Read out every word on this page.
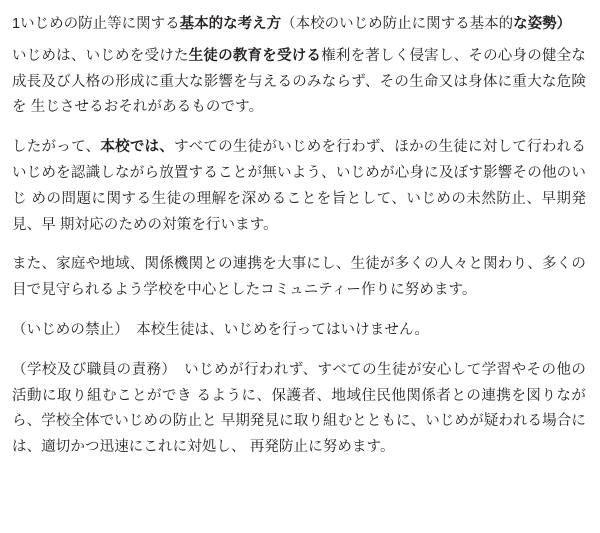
1いじめの防止等に関する基本的な考え方（本校のいじめ防止に関する基本的な姿勢）

いじめは、いじめを受けた生徒の教育を受ける権利を著しく侵害し、その心身の健全な 成長及び人格の形成に重大な影響を与えるのみならず、その生命又は身体に重大な危険を 生じさせるおそれがあるものです。

したがって、本校では、すべての生徒がいじめを行わず、ほかの生徒に対して行われる いじめを認識しながら放置することが無いよう、いじめが心身に及ぼす影響その他のいじ めの問題に関する生徒の理解を深めることを旨として、いじめの未然防止、早期発見、早 期対応のための対策を行います。

また、家庭や地域、関係機関との連携を大事にし、生徒が多くの人々と関わり、多くの 目で見守られるよう学校を中心としたコミュニティー作りに努めます。

（いじめの禁止）　本校生徒は、いじめを行ってはいけません。

（学校及び職員の責務）　いじめが行われず、すべての生徒が安心して学習やその他の活動に取り組むことができ るように、保護者、地域住民他関係者との連携を図りながら、学校全体でいじめの防止と 早期発見に取り組むとともに、いじめが疑われる場合には、適切かつ迅速にこれに対処し、 再発防止に努めます。
